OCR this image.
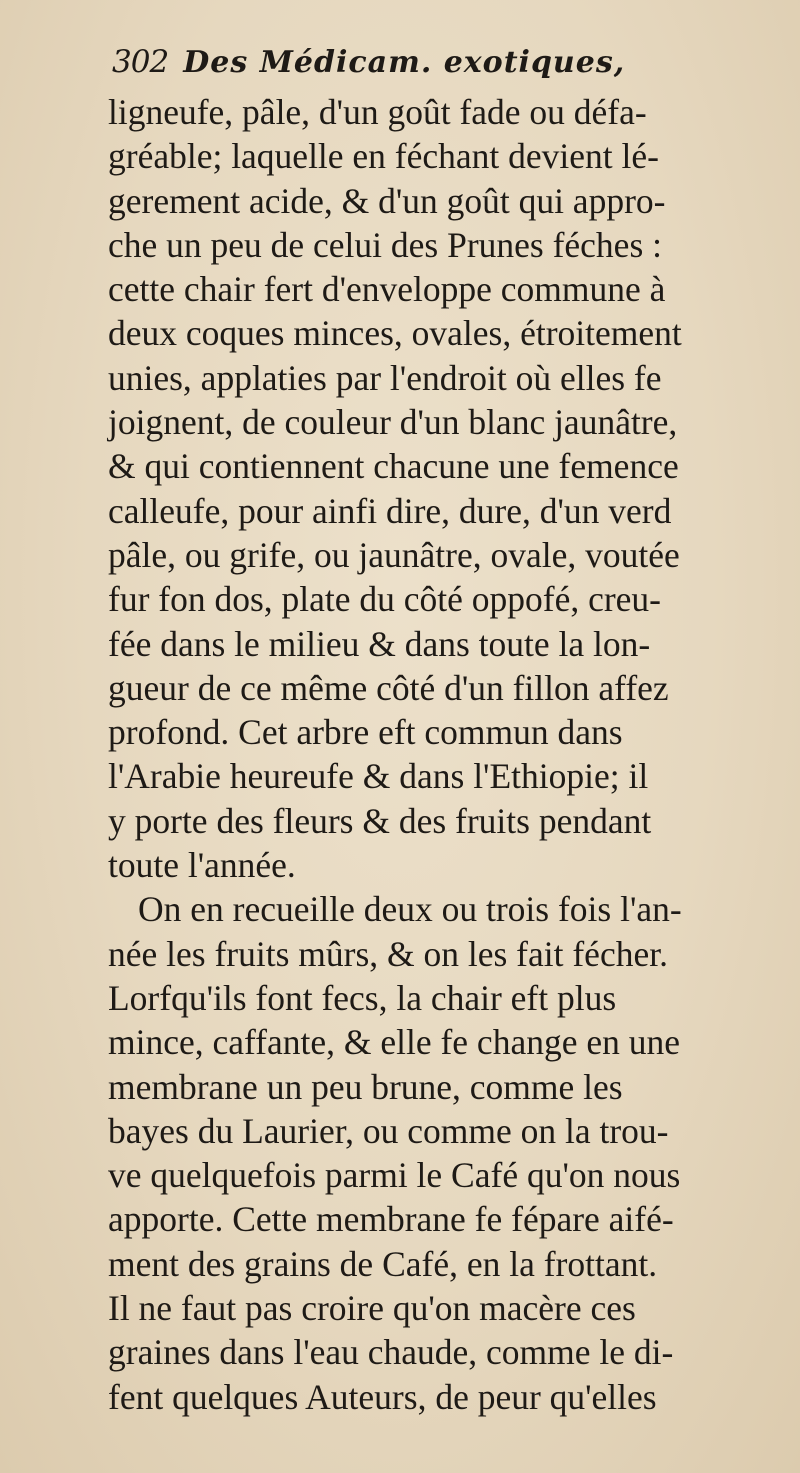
302 Des Médicam. exotiques,
ligneufe, pâle, d'un goût fade ou défa-
gréable; laquelle en féchant devient lé-
gerement acide, & d'un goût qui appro-
che un peu de celui des Prunes féches :
cette chair fert d'enveloppe commune à
deux coques minces, ovales, étroitement
unies, applaties par l'endroit où elles fe
joignent, de couleur d'un blanc jaunâtre,
& qui contiennent chacune une femence
calleufe, pour ainfi dire, dure, d'un verd
pâle, ou grife, ou jaunâtre, ovale, voutée
fur fon dos, plate du côté oppofé, creu-
fée dans le milieu & dans toute la lon-
gueur de ce même côté d'un fillon affez
profond. Cet arbre eft commun dans
l'Arabie heureufe & dans l'Ethiopie; il
y porte des fleurs & des fruits pendant
toute l'année.
On en recueille deux ou trois fois l'an-
née les fruits mûrs, & on les fait fécher.
Lorfqu'ils font fecs, la chair eft plus
mince, caffante, & elle fe change en une
membrane un peu brune, comme les
bayes du Laurier, ou comme on la trou-
ve quelquefois parmi le Café qu'on nous
apporte. Cette membrane fe fépare aifé-
ment des grains de Café, en la frottant.
Il ne faut pas croire qu'on macère ces
graines dans l'eau chaude, comme le di-
fent quelques Auteurs, de peur qu'elles
